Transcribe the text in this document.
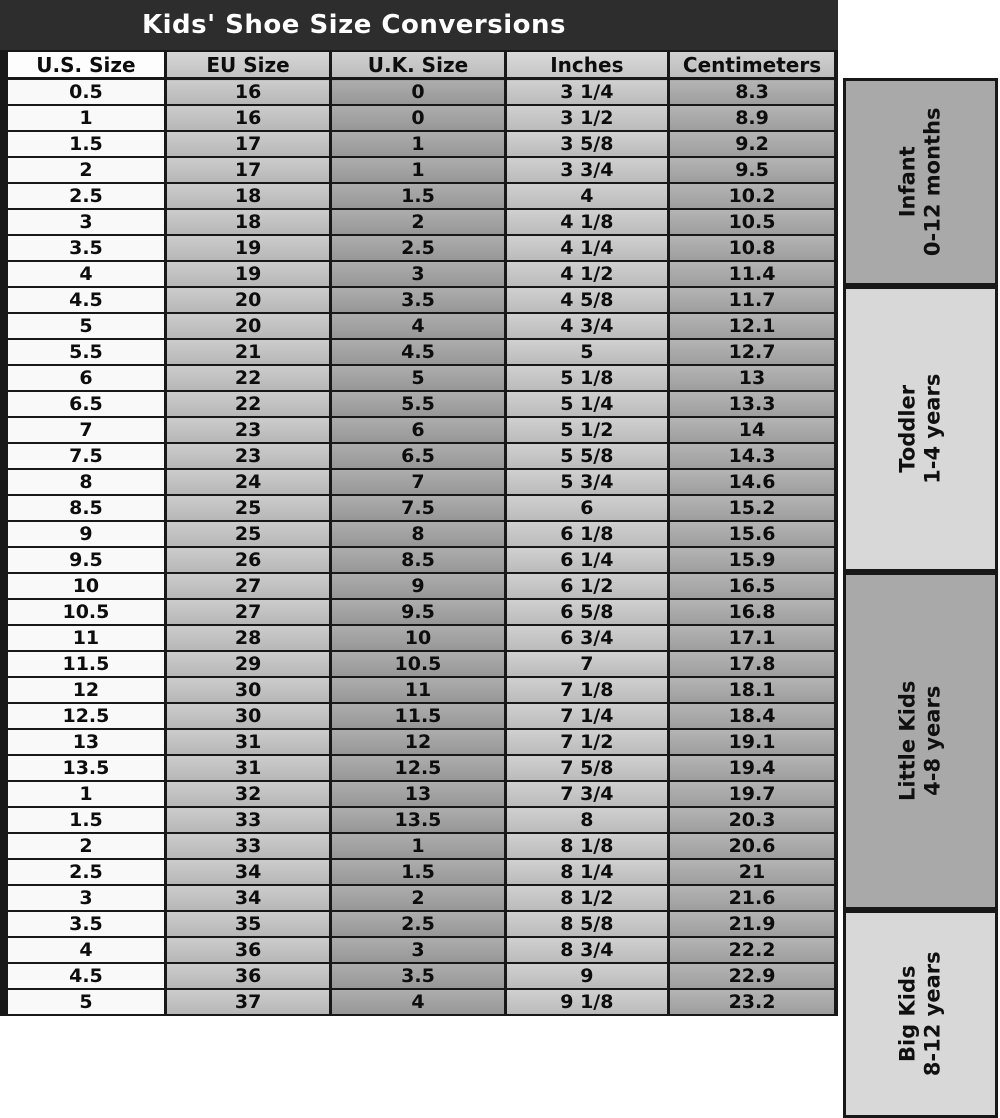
Kids' Shoe Size Conversions
U.S. Size	EU Size	U.K. Size	Inches	Centimeters
0.5	16	0	3 1/4	8.3
1	16	0	3 1/2	8.9
1.5	17	1	3 5/8	9.2
2	17	1	3 3/4	9.5
2.5	18	1.5	4	10.2
3	18	2	4 1/8	10.5
3.5	19	2.5	4 1/4	10.8
4	19	3	4 1/2	11.4
4.5	20	3.5	4 5/8	11.7
5	20	4	4 3/4	12.1
5.5	21	4.5	5	12.7
6	22	5	5 1/8	13
6.5	22	5.5	5 1/4	13.3
7	23	6	5 1/2	14
7.5	23	6.5	5 5/8	14.3
8	24	7	5 3/4	14.6
8.5	25	7.5	6	15.2
9	25	8	6 1/8	15.6
9.5	26	8.5	6 1/4	15.9
10	27	9	6 1/2	16.5
10.5	27	9.5	6 5/8	16.8
11	28	10	6 3/4	17.1
11.5	29	10.5	7	17.8
12	30	11	7 1/8	18.1
12.5	30	11.5	7 1/4	18.4
13	31	12	7 1/2	19.1
13.5	31	12.5	7 5/8	19.4
1	32	13	7 3/4	19.7
1.5	33	13.5	8	20.3
2	33	1	8 1/8	20.6
2.5	34	1.5	8 1/4	21
3	34	2	8 1/2	21.6
3.5	35	2.5	8 5/8	21.9
4	36	3	8 3/4	22.2
4.5	36	3.5	9	22.9
5	37	4	9 1/8	23.2
Infant 0-12 months
Toddler 1-4 years
Little Kids 4-8 years
Big Kids 8-12 years
